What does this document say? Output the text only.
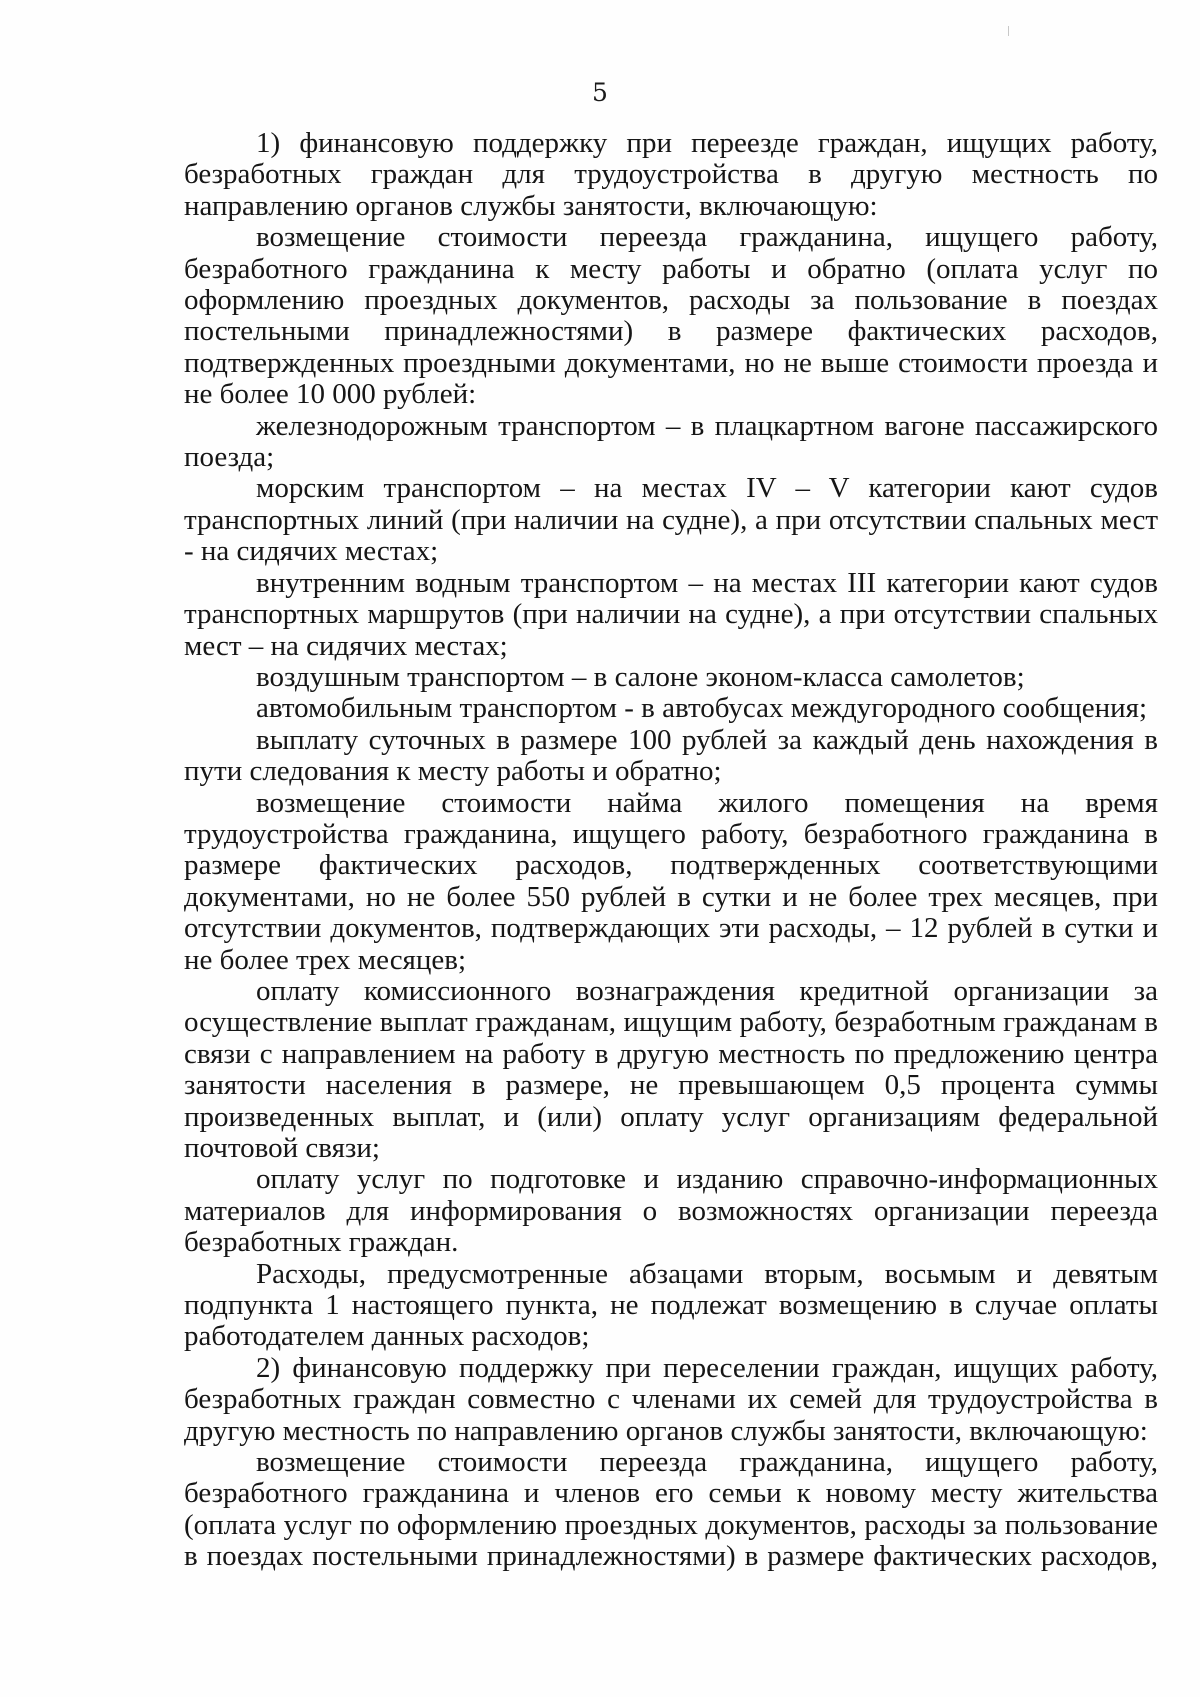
5

1) финансовую поддержку при переезде граждан, ищущих работу, безработных граждан для трудоустройства в другую местность по направлению органов службы занятости, включающую:

возмещение стоимости переезда гражданина, ищущего работу, безработного гражданина к месту работы и обратно (оплата услуг по оформлению проездных документов, расходы за пользование в поездах постельными принадлежностями) в размере фактических расходов, подтвержденных проездными документами, но не выше стоимости проезда и не более 10 000 рублей:

железнодорожным транспортом – в плацкартном вагоне пассажирского поезда;

морским транспортом – на местах IV – V категории кают судов транспортных линий (при наличии на судне), а при отсутствии спальных мест - на сидячих местах;

внутренним водным транспортом – на местах III категории кают судов транспортных маршрутов (при наличии на судне), а при отсутствии спальных мест – на сидячих местах;

воздушным транспортом – в салоне эконом-класса самолетов;

автомобильным транспортом - в автобусах междугородного сообщения;

выплату суточных в размере 100 рублей за каждый день нахождения в пути следования к месту работы и обратно;

возмещение стоимости найма жилого помещения на время трудоустройства гражданина, ищущего работу, безработного гражданина в размере фактических расходов, подтвержденных соответствующими документами, но не более 550 рублей в сутки и не более трех месяцев, при отсутствии документов, подтверждающих эти расходы, – 12 рублей в сутки и не более трех месяцев;

оплату комиссионного вознаграждения кредитной организации за осуществление выплат гражданам, ищущим работу, безработным гражданам в связи с направлением на работу в другую местность по предложению центра занятости населения в размере, не превышающем 0,5 процента суммы произведенных выплат, и (или) оплату услуг организациям федеральной почтовой связи;

оплату услуг по подготовке и изданию справочно-информационных материалов для информирования о возможностях организации переезда безработных граждан.

Расходы, предусмотренные абзацами вторым, восьмым и девятым подпункта 1 настоящего пункта, не подлежат возмещению в случае оплаты работодателем данных расходов;

2) финансовую поддержку при переселении граждан, ищущих работу, безработных граждан совместно с членами их семей для трудоустройства в другую местность по направлению органов службы занятости, включающую:

возмещение стоимости переезда гражданина, ищущего работу, безработного гражданина и членов его семьи к новому месту жительства (оплата услуг по оформлению проездных документов, расходы за пользование в поездах постельными принадлежностями) в размере фактических расходов,
